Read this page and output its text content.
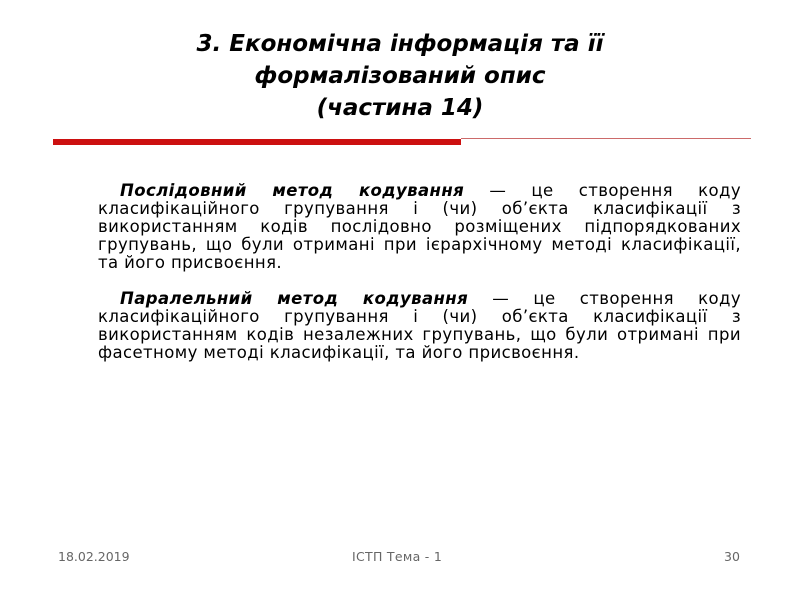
3. Економічна інформація та її
формалізований опис
(частина 14)

Послідовний метод кодування — це створення коду класифікаційного групування і (чи) об’єкта класифікації з використанням кодів послідовно розміщених підпорядкованих групувань, що були отримані при ієрархічному методі класифікації, та його присвоєння.

Паралельний метод кодування — це створення коду класифікаційного групування і (чи) об’єкта класифікації з використанням кодів незалежних групувань, що були отримані при фасетному методі класифікації, та його присвоєння.

18.02.2019	ІСТП Тема - 1	30
